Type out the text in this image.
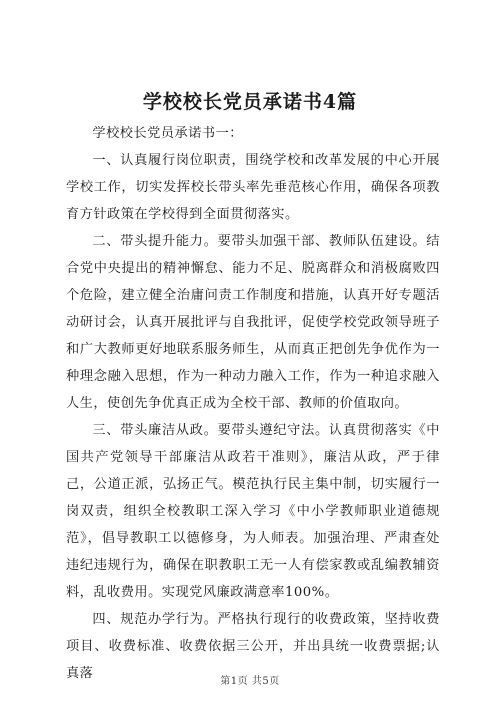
学校校长党员承诺书4篇

学校校长党员承诺书一：

一、认真履行岗位职责，围绕学校和改革发展的中心开展学校工作，切实发挥校长带头率先垂范核心作用，确保各项教育方针政策在学校得到全面贯彻落实。

二、带头提升能力。要带头加强干部、教师队伍建设。结合党中央提出的精神懈怠、能力不足、脱离群众和消极腐败四个危险，建立健全治庸问责工作制度和措施，认真开好专题活动研讨会，认真开展批评与自我批评，促使学校党政领导班子和广大教师更好地联系服务师生，从而真正把创先争优作为一种理念融入思想，作为一种动力融入工作，作为一种追求融入人生，使创先争优真正成为全校干部、教师的价值取向。

三、带头廉洁从政。要带头遵纪守法。认真贯彻落实《中国共产党领导干部廉洁从政若干准则》，廉洁从政，严于律己，公道正派，弘扬正气。模范执行民主集中制，切实履行一岗双责，组织全校教职工深入学习《中小学教师职业道德规范》，倡导教职工以德修身，为人师表。加强治理、严肃查处违纪违规行为，确保在职教职工无一人有偿家教或乱编教辅资料，乱收费用。实现党风廉政满意率100%。

四、规范办学行为。严格执行现行的收费政策，坚持收费项目、收费标准、收费依据三公开，并出具统一收费票据;认真落

第1页 共5页
